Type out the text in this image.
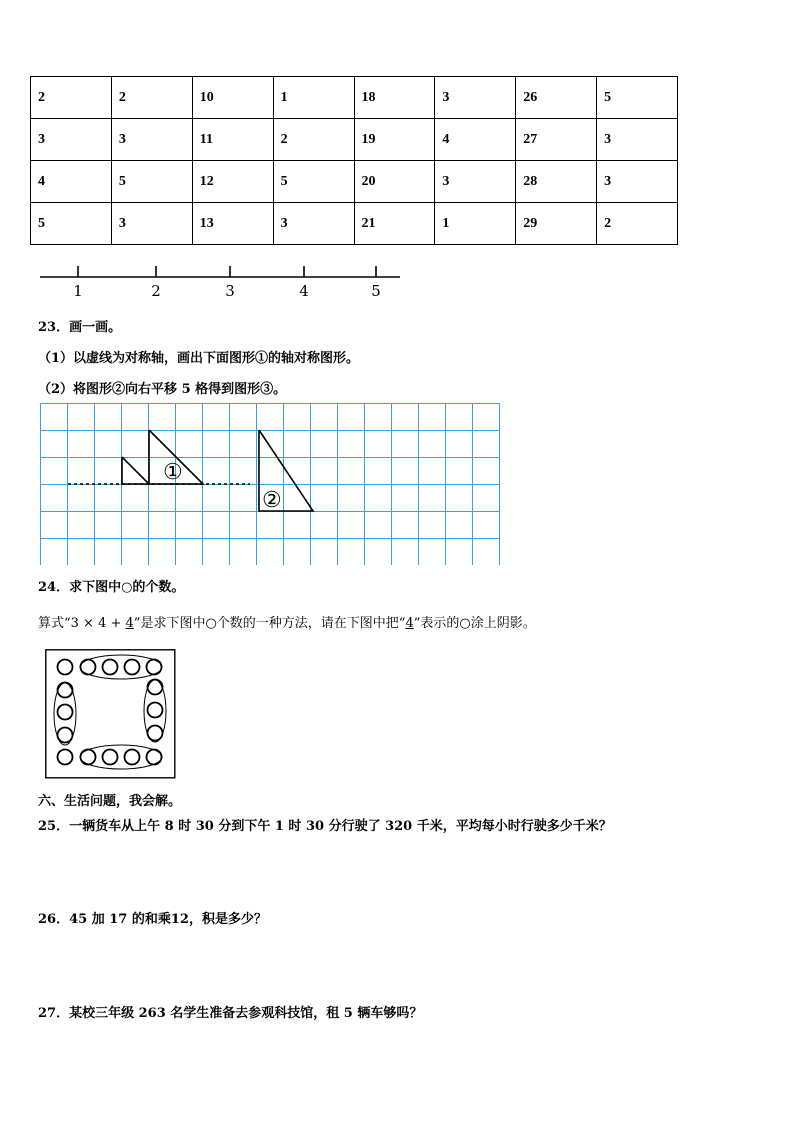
2	2	10	1	18	3	26	5
3	3	11	2	19	4	27	3
4	5	12	5	20	3	28	3
5	3	13	3	21	1	29	2
1	2	3	4	5
23．画一画。
（1）以虚线为对称轴，画出下面图形①的轴对称图形。
（2）将图形②向右平移 5 格得到图形③。
①
②
24．求下图中○的个数。
算式“3 × 4 + 4”是求下图中○个数的一种方法，请在下图中把“4”表示的○涂上阴影。
六、生活问题，我会解。
25．一辆货车从上午 8 时 30 分到下午 1 时 30 分行驶了 320 千米，平均每小时行驶多少千米？
26．45 加 17 的和乘12，积是多少？
27．某校三年级 263 名学生准备去参观科技馆，租 5 辆车够吗？
